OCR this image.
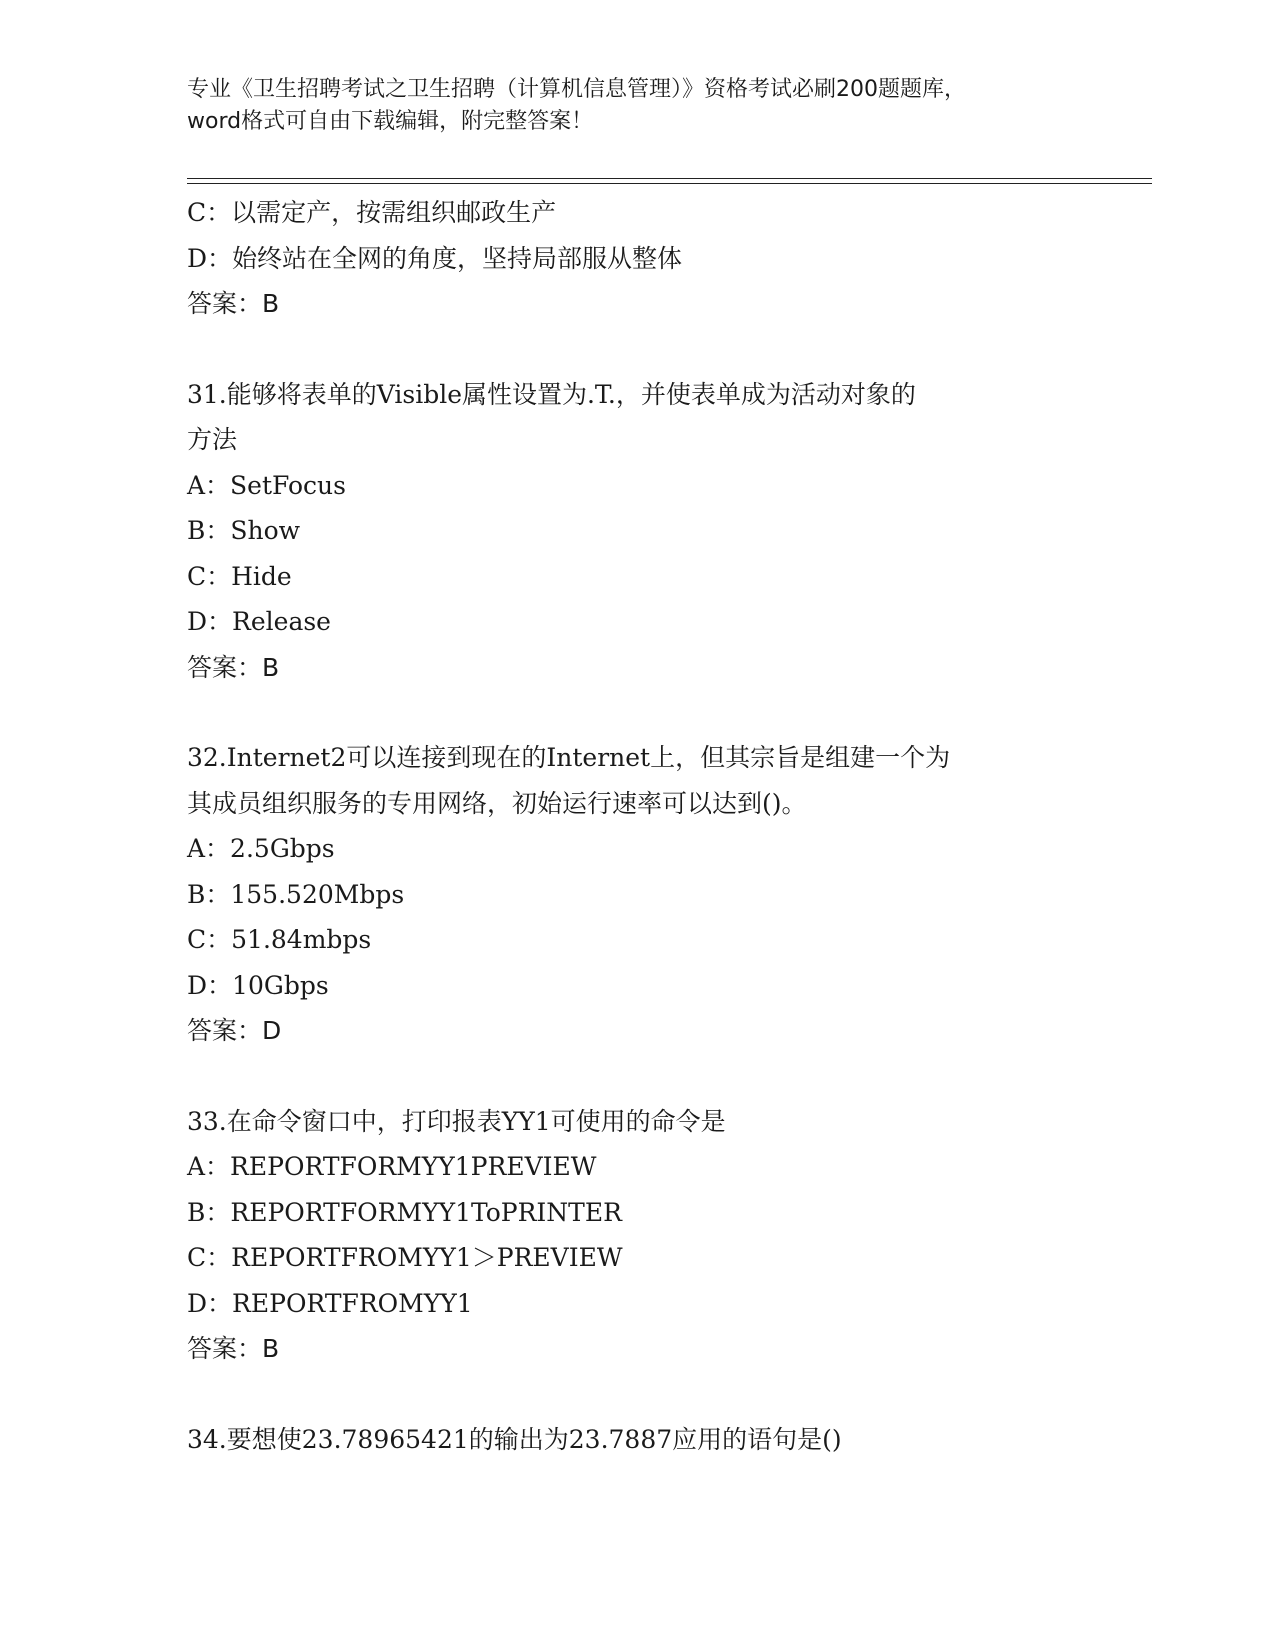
专业《卫生招聘考试之卫生招聘（计算机信息管理）》资格考试必刷200题题库，
word格式可自由下载编辑，附完整答案！
C：以需定产，按需组织邮政生产
D：始终站在全网的角度，坚持局部服从整体
答案：B
31.能够将表单的Visible属性设置为.T.，并使表单成为活动对象的
方法
A：SetFocus
B：Show
C：Hide
D：Release
答案：B
32.Internet2可以连接到现在的Internet上，但其宗旨是组建一个为
其成员组织服务的专用网络，初始运行速率可以达到()。
A：2.5Gbps
B：155.520Mbps
C：51.84mbps
D：10Gbps
答案：D
33.在命令窗口中，打印报表YY1可使用的命令是
A：REPORTFORMYY1PREVIEW
B：REPORTFORMYY1ToPRINTER
C：REPORTFROMYY1＞PREVIEW
D：REPORTFROMYY1
答案：B
34.要想使23.78965421的输出为23.7887应用的语句是()
